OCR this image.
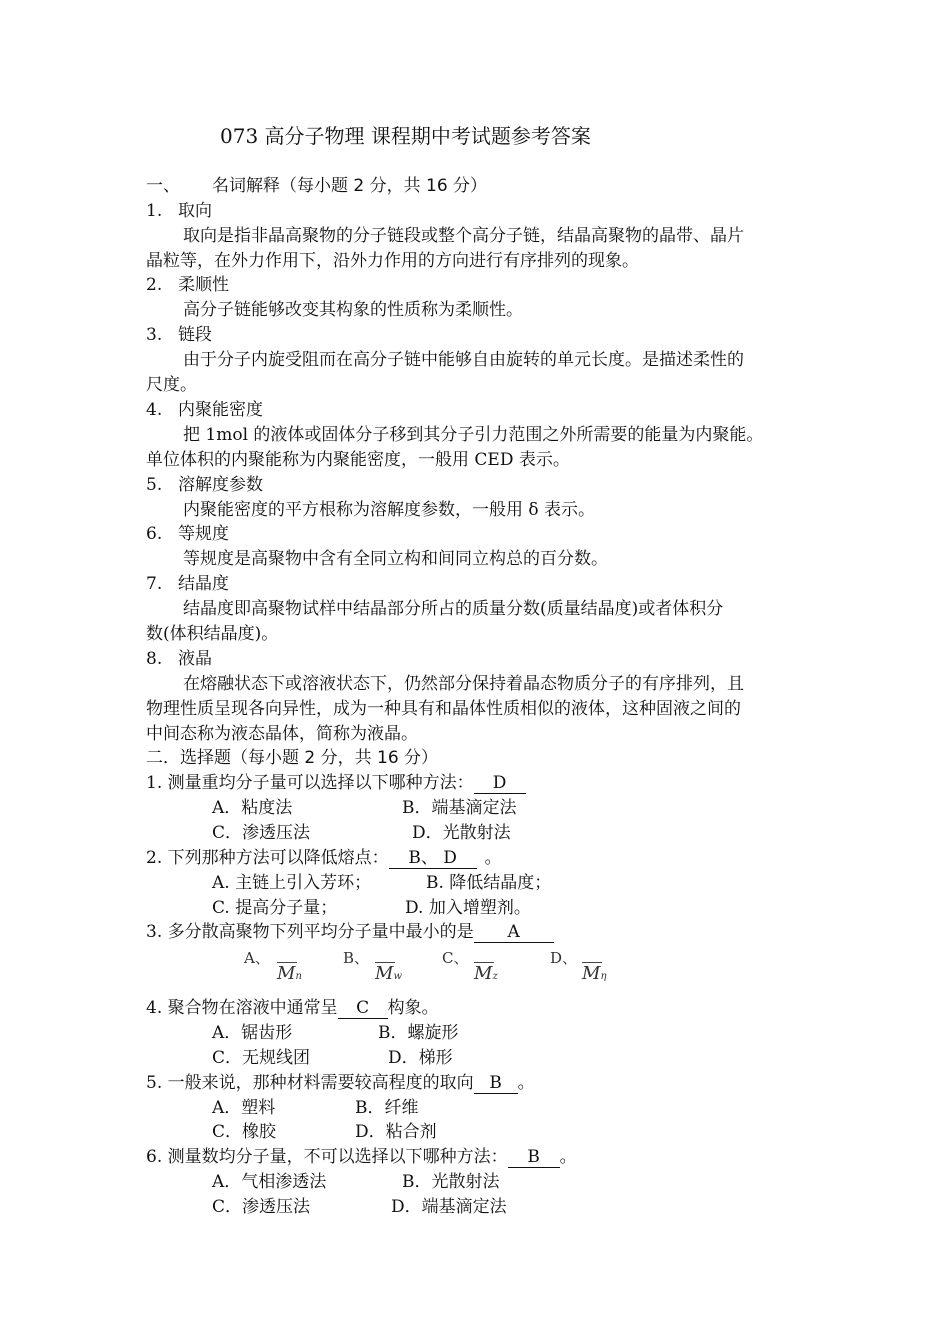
073 高分子物理 课程期中考试题参考答案
一、 名词解释（每小题 2 分，共 16 分）
1. 取向
取向是指非晶高聚物的分子链段或整个高分子链，结晶高聚物的晶带、晶片
晶粒等，在外力作用下，沿外力作用的方向进行有序排列的现象。
2. 柔顺性
高分子链能够改变其构象的性质称为柔顺性。
3. 链段
由于分子内旋受阻而在高分子链中能够自由旋转的单元长度。是描述柔性的
尺度。
4. 内聚能密度
把 1mol 的液体或固体分子移到其分子引力范围之外所需要的能量为内聚能。
单位体积的内聚能称为内聚能密度，一般用 CED 表示。
5. 溶解度参数
内聚能密度的平方根称为溶解度参数，一般用 δ 表示。
6. 等规度
等规度是高聚物中含有全同立构和间同立构总的百分数。
7. 结晶度
结晶度即高聚物试样中结晶部分所占的质量分数(质量结晶度)或者体积分
数(体积结晶度)。
8. 液晶
在熔融状态下或溶液状态下，仍然部分保持着晶态物质分子的有序排列，且
物理性质呈现各向异性，成为一种具有和晶体性质相似的液体，这种固液之间的
中间态称为液态晶体，简称为液晶。
二．选择题（每小题 2 分，共 16 分）
1. 测量重均分子量可以选择以下哪种方法： D
A．粘度法	B．端基滴定法
C．渗透压法	D．光散射法
2. 下列那种方法可以降低熔点： B、 D 。
A. 主链上引入芳环；	B. 降低结晶度；
C. 提高分子量；	D. 加入增塑剂。
3. 多分散高聚物下列平均分子量中最小的是 A
A、
Mn
B、
Mw
C、
Mz
D、
Mη
4. 聚合物在溶液中通常呈 C 构象。
A．锯齿形	B．螺旋形
C．无规线团	D．梯形
5. 一般来说，那种材料需要较高程度的取向 B 。
A．塑料	B．纤维
C．橡胶	D．粘合剂
6. 测量数均分子量，不可以选择以下哪种方法： B 。
A．气相渗透法	B．光散射法
C．渗透压法	D．端基滴定法
